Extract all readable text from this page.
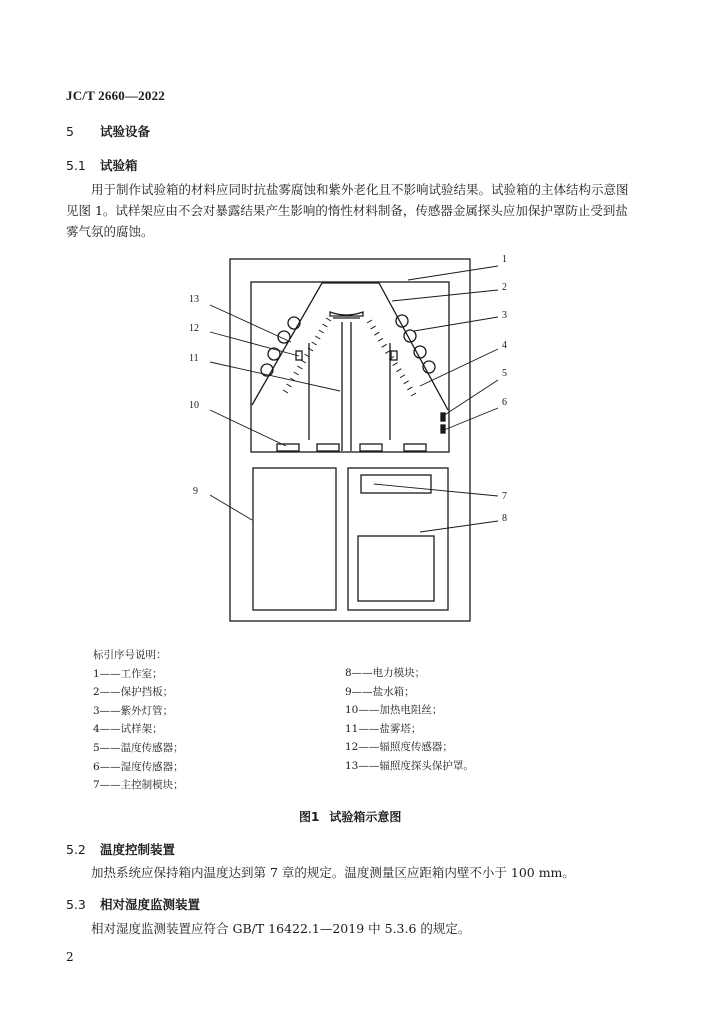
JC/T 2660—2022
5 试验设备
5.1 试验箱

用于制作试验箱的材料应同时抗盐雾腐蚀和紫外老化且不影响试验结果。试验箱的主体结构示意图

见图 1。试样架应由不会对暴露结果产生影响的惰性材料制备，传感器金属探头应加保护罩防止受到盐

雾气氛的腐蚀。

1
2
3
4
5
6
7
8
9
10
11
12
13
标引序号说明：
1——工作室；
2——保护挡板；
3——紫外灯管；
4——试样架；
5——温度传感器；
6——湿度传感器；
7——主控制模块；
8——电力模块；
9——盐水箱；
10——加热电阻丝；
11——盐雾塔；
12——辐照度传感器；
13——辐照度探头保护罩。
图1 试验箱示意图
5.2 温度控制装置
加热系统应保持箱内温度达到第 7 章的规定。温度测量区应距箱内壁不小于 100 mm。
5.3 相对湿度监测装置
相对湿度监测装置应符合 GB/T 16422.1—2019 中 5.3.6 的规定。
2
